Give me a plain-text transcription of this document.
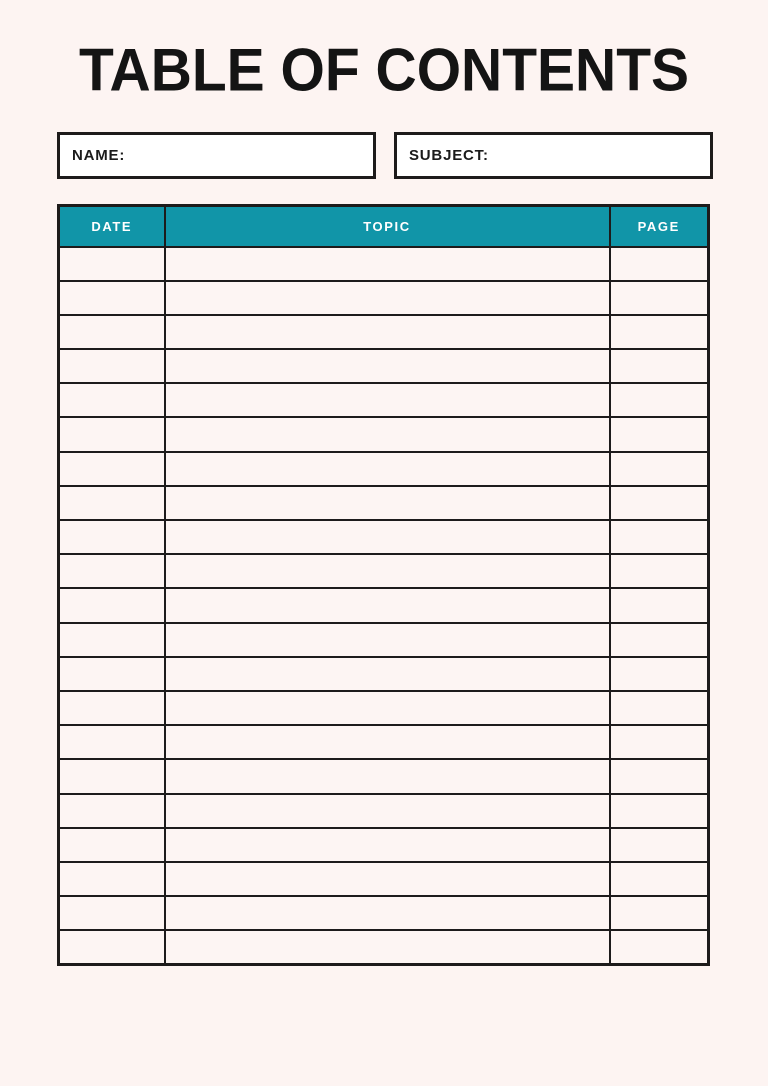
TABLE OF CONTENTS
NAME:	SUBJECT:
DATE	TOPIC	PAGE
